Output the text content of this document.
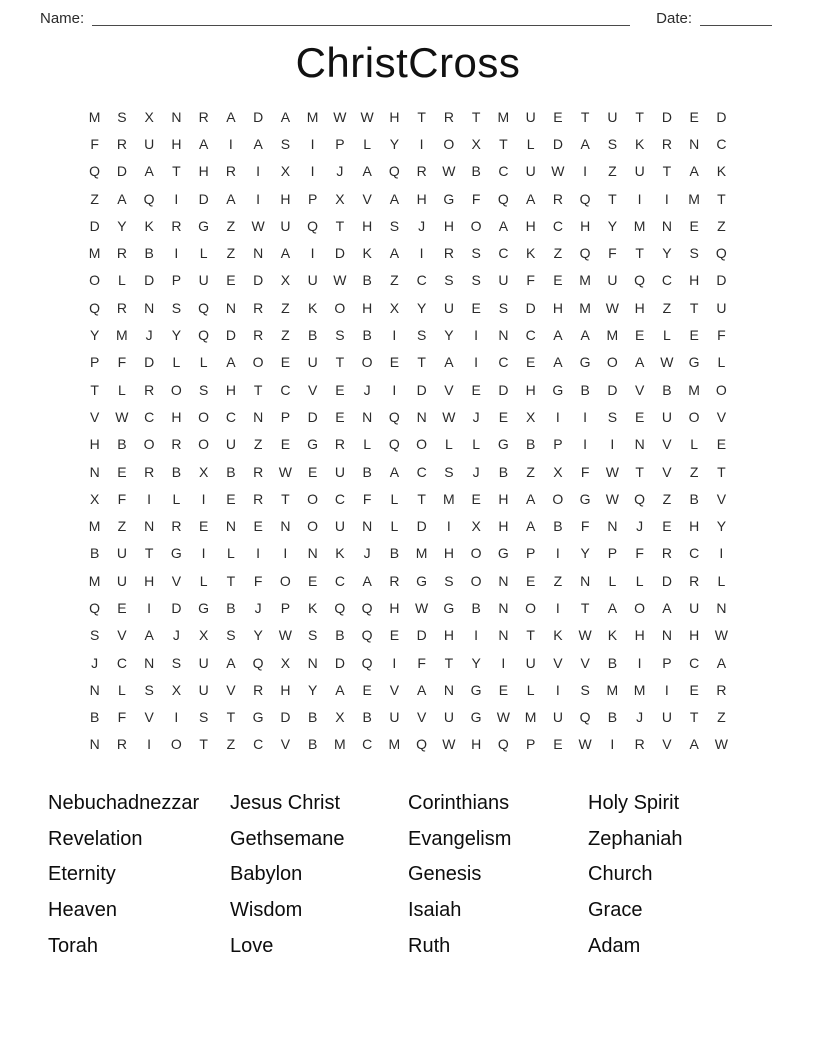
Name:	Date:
ChristCross
M	S	X	N	R	A	D	A	M	W	W	H	T	R	T	M	U	E	T	U	T	D	E	D
F	R	U	H	A	I	A	S	I	P	L	Y	I	O	X	T	L	D	A	S	K	R	N	C
Q	D	A	T	H	R	I	X	I	J	A	Q	R	W	B	C	U	W	I	Z	U	T	A	K
Z	A	Q	I	D	A	I	H	P	X	V	A	H	G	F	Q	A	R	Q	T	I	I	M	T
D	Y	K	R	G	Z	W	U	Q	T	H	S	J	H	O	A	H	C	H	Y	M	N	E	Z
M	R	B	I	L	Z	N	A	I	D	K	A	I	R	S	C	K	Z	Q	F	T	Y	S	Q
O	L	D	P	U	E	D	X	U	W	B	Z	C	S	S	U	F	E	M	U	Q	C	H	D
Q	R	N	S	Q	N	R	Z	K	O	H	X	Y	U	E	S	D	H	M	W	H	Z	T	U
Y	M	J	Y	Q	D	R	Z	B	S	B	I	S	Y	I	N	C	A	A	M	E	L	E	F
P	F	D	L	L	A	O	E	U	T	O	E	T	A	I	C	E	A	G	O	A	W	G	L
T	L	R	O	S	H	T	C	V	E	J	I	D	V	E	D	H	G	B	D	V	B	M	O
V	W	C	H	O	C	N	P	D	E	N	Q	N	W	J	E	X	I	I	S	E	U	O	V
H	B	O	R	O	U	Z	E	G	R	L	Q	O	L	L	G	B	P	I	I	N	V	L	E
N	E	R	B	X	B	R	W	E	U	B	A	C	S	J	B	Z	X	F	W	T	V	Z	T
X	F	I	L	I	E	R	T	O	C	F	L	T	M	E	H	A	O	G	W	Q	Z	B	V
M	Z	N	R	E	N	E	N	O	U	N	L	D	I	X	H	A	B	F	N	J	E	H	Y
B	U	T	G	I	L	I	I	N	K	J	B	M	H	O	G	P	I	Y	P	F	R	C	I
M	U	H	V	L	T	F	O	E	C	A	R	G	S	O	N	E	Z	N	L	L	D	R	L
Q	E	I	D	G	B	J	P	K	Q	Q	H	W	G	B	N	O	I	T	A	O	A	U	N
S	V	A	J	X	S	Y	W	S	B	Q	E	D	H	I	N	T	K	W	K	H	N	H	W
J	C	N	S	U	A	Q	X	N	D	Q	I	F	T	Y	I	U	V	V	B	I	P	C	A
N	L	S	X	U	V	R	H	Y	A	E	V	A	N	G	E	L	I	S	M	M	I	E	R
B	F	V	I	S	T	G	D	B	X	B	U	V	U	G	W	M	U	Q	B	J	U	T	Z
N	R	I	O	T	Z	C	V	B	M	C	M	Q	W	H	Q	P	E	W	I	R	V	A	W
Nebuchadnezzar
Revelation
Eternity
Heaven
Torah
Jesus Christ
Gethsemane
Babylon
Wisdom
Love
Corinthians
Evangelism
Genesis
Isaiah
Ruth
Holy Spirit
Zephaniah
Church
Grace
Adam
